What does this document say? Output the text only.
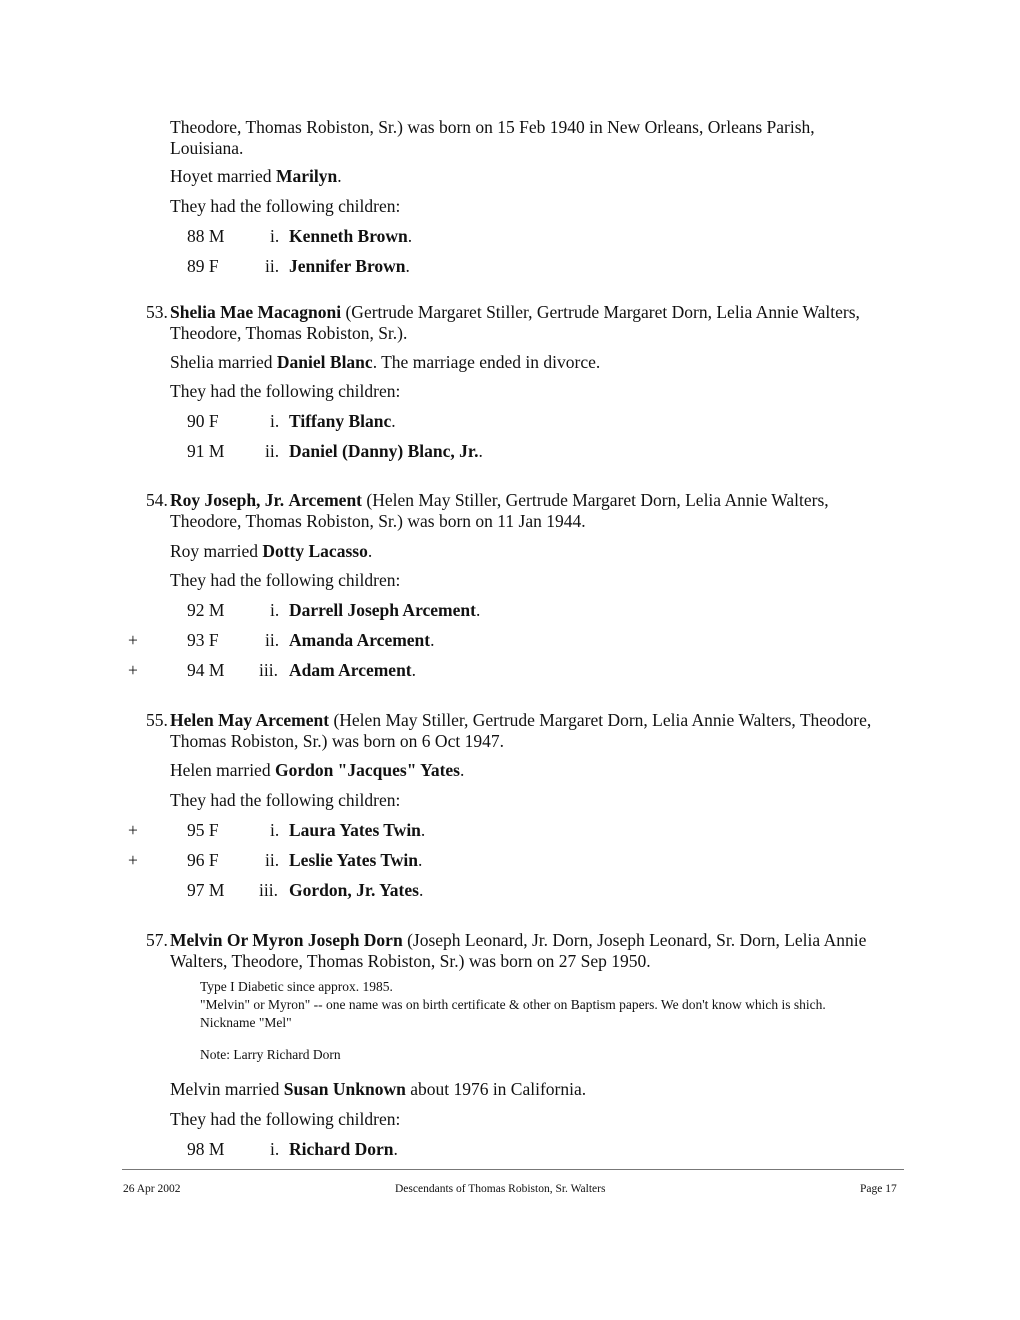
Theodore, Thomas Robiston, Sr.) was born on 15 Feb 1940 in New Orleans, Orleans Parish,
Louisiana.
Hoyet married Marilyn.
They had the following children:
88 M	i. Kenneth Brown.
89 F	ii. Jennifer Brown.
53. Shelia Mae Macagnoni (Gertrude Margaret Stiller, Gertrude Margaret Dorn, Lelia Annie Walters,
Theodore, Thomas Robiston, Sr.).
Shelia married Daniel Blanc. The marriage ended in divorce.
They had the following children:
90 F	i. Tiffany Blanc.
91 M ii. Daniel (Danny) Blanc, Jr..
54. Roy Joseph, Jr. Arcement (Helen May Stiller, Gertrude Margaret Dorn, Lelia Annie Walters,
Theodore, Thomas Robiston, Sr.) was born on 11 Jan 1944.
Roy married Dotty Lacasso.
They had the following children:
92 M	i. Darrell Joseph Arcement.
+	93 F	ii. Amanda Arcement.
+	94 M iii. Adam Arcement.
55. Helen May Arcement (Helen May Stiller, Gertrude Margaret Dorn, Lelia Annie Walters, Theodore,
Thomas Robiston, Sr.) was born on 6 Oct 1947.
Helen married Gordon "Jacques" Yates.
They had the following children:
+	95 F	i. Laura Yates Twin.
+	96 F	ii. Leslie Yates Twin.
97 M iii. Gordon, Jr. Yates.
57. Melvin Or Myron Joseph Dorn (Joseph Leonard, Jr. Dorn, Joseph Leonard, Sr. Dorn, Lelia Annie
Walters, Theodore, Thomas Robiston, Sr.) was born on 27 Sep 1950.
Type I Diabetic since approx. 1985.
"Melvin" or Myron" -- one name was on birth certificate & other on Baptism papers. We don't know which is shich.
Nickname "Mel"
Note: Larry Richard Dorn
Melvin married Susan Unknown about 1976 in California.
They had the following children:
98 M	i. Richard Dorn.
26 Apr 2002	Descendants of Thomas Robiston, Sr. Walters	Page 17
